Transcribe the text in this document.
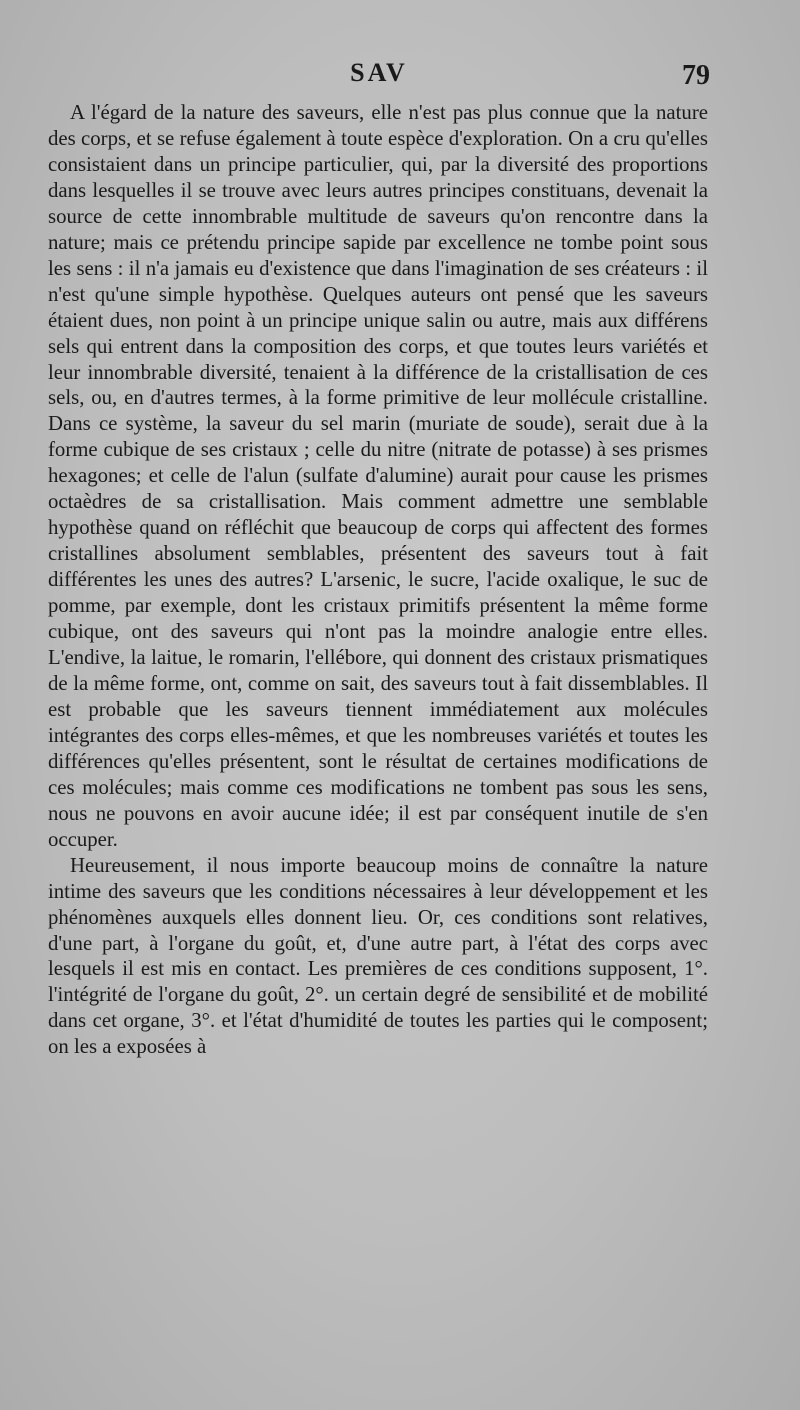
SAV	79

A l'égard de la nature des saveurs, elle n'est pas plus connue que la nature des corps, et se refuse également à toute espèce d'exploration. On a cru qu'elles consistaient dans un principe particulier, qui, par la diversité des proportions dans lesquelles il se trouve avec leurs autres principes constituans, devenait la source de cette innombrable multitude de saveurs qu'on rencontre dans la nature; mais ce prétendu principe sapide par excellence ne tombe point sous les sens : il n'a jamais eu d'existence que dans l'imagination de ses créateurs : il n'est qu'une simple hypothèse. Quelques auteurs ont pensé que les saveurs étaient dues, non point à un principe unique salin ou autre, mais aux différens sels qui entrent dans la composition des corps, et que toutes leurs variétés et leur innombrable diversité, tenaient à la différence de la cristallisation de ces sels, ou, en d'autres termes, à la forme primitive de leur mollécule cristalline. Dans ce système, la saveur du sel marin (muriate de soude), serait due à la forme cubique de ses cristaux ; celle du nitre (nitrate de potasse) à ses prismes hexagones; et celle de l'alun (sulfate d'alumine) aurait pour cause les prismes octaèdres de sa cristallisation. Mais comment admettre une semblable hypothèse quand on réfléchit que beaucoup de corps qui affectent des formes cristallines absolument semblables, présentent des saveurs tout à fait différentes les unes des autres? L'arsenic, le sucre, l'acide oxalique, le suc de pomme, par exemple, dont les cristaux primitifs présentent la même forme cubique, ont des saveurs qui n'ont pas la moindre analogie entre elles. L'endive, la laitue, le romarin, l'ellébore, qui donnent des cristaux prismatiques de la même forme, ont, comme on sait, des saveurs tout à fait dissemblables. Il est probable que les saveurs tiennent immédiatement aux molécules intégrantes des corps elles-mêmes, et que les nombreuses variétés et toutes les différences qu'elles présentent, sont le résultat de certaines modifications de ces molécules; mais comme ces modifications ne tombent pas sous les sens, nous ne pouvons en avoir aucune idée; il est par conséquent inutile de s'en occuper.

Heureusement, il nous importe beaucoup moins de connaître la nature intime des saveurs que les conditions nécessaires à leur développement et les phénomènes auxquels elles donnent lieu. Or, ces conditions sont relatives, d'une part, à l'organe du goût, et, d'une autre part, à l'état des corps avec lesquels il est mis en contact. Les premières de ces conditions supposent, 1°. l'intégrité de l'organe du goût, 2°. un certain degré de sensibilité et de mobilité dans cet organe, 3°. et l'état d'humidité de toutes les parties qui le composent; on les a exposées à
